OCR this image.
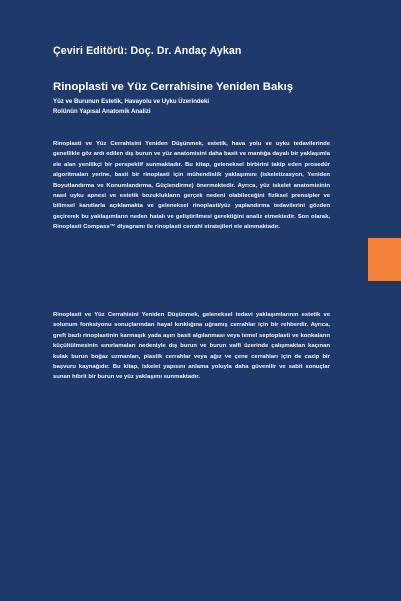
Çeviri Editörü: Doç. Dr. Andaç Aykan
Rinoplasti ve Yüz Cerrahisine Yeniden Bakış
Yüz ve Burunun Estetik, Havayolu ve Uyku Üzerindeki
Rolünün Yapısal Anatomik Analizi
Rinoplasti ve Yüz Cerrahisini Yeniden Düşünmek, estetik, hava yolu ve uyku tedavilerinde genellikle göz ardı edilen dış burun ve yüz anatomisini daha basit ve mantığa dayalı bir yaklaşımla ele alan yenilikçi bir perspektif sunmaktadır. Bu kitap, geleneksel birbirini takip eden prosedür algoritmaları yerine, basit bir rinoplasti için mühendislik yaklaşımını (iskeletizasyon, Yeniden Boyutlandırma ve Konumlandırma, Güçlendirme) önermektedir. Ayrıca, yüz iskelet anatomisinin nasıl uyku apnesi ve estetik bozuklukların gerçek nedeni olabileceğini fiziksel prensipler ve bilimsel kanıtlarla açıklamakta ve geleneksel rinoplasti/yüz yaplandırma tedavilerini gözden geçirerek bu yaklaşımların neden hatalı ve geliştirilmesi gerektiğini analiz etmektedir. Son olarak, Rinoplasti Compass™ diyagramı ile rinoplasti cerrahi stratejileri ele alınmaktadır.
Rinoplasti ve Yüz Cerrahisini Yeniden Düşünmek, geleneksel tedavi yaklaşımlarının estetik ve solunum fonksiyonu sonuçlarından hayal kırıklığına uğramış cerrahlar için bir rehberdir. Ayrıca, greft bazlı rinoplastinin karmaşık yada aşırı basit algılanması veya temel septoplasti ve konkaların küçültülmesinin sınırlamaları nedeniyle dış burun ve burun valfi üzerinde çalışmaktan kaçınan kulak burun boğaz uzmanları, plastik cerrahlar veya ağız ve çene cerrahları için de cazip bir başvuru kaynağıdır. Bu kitap, iskelet yapısını anlama yoluyla daha güvenilir ve sabit sonuçlar sunan hibrit bir burun ve yüz yaklaşımı sunmaktadır.
